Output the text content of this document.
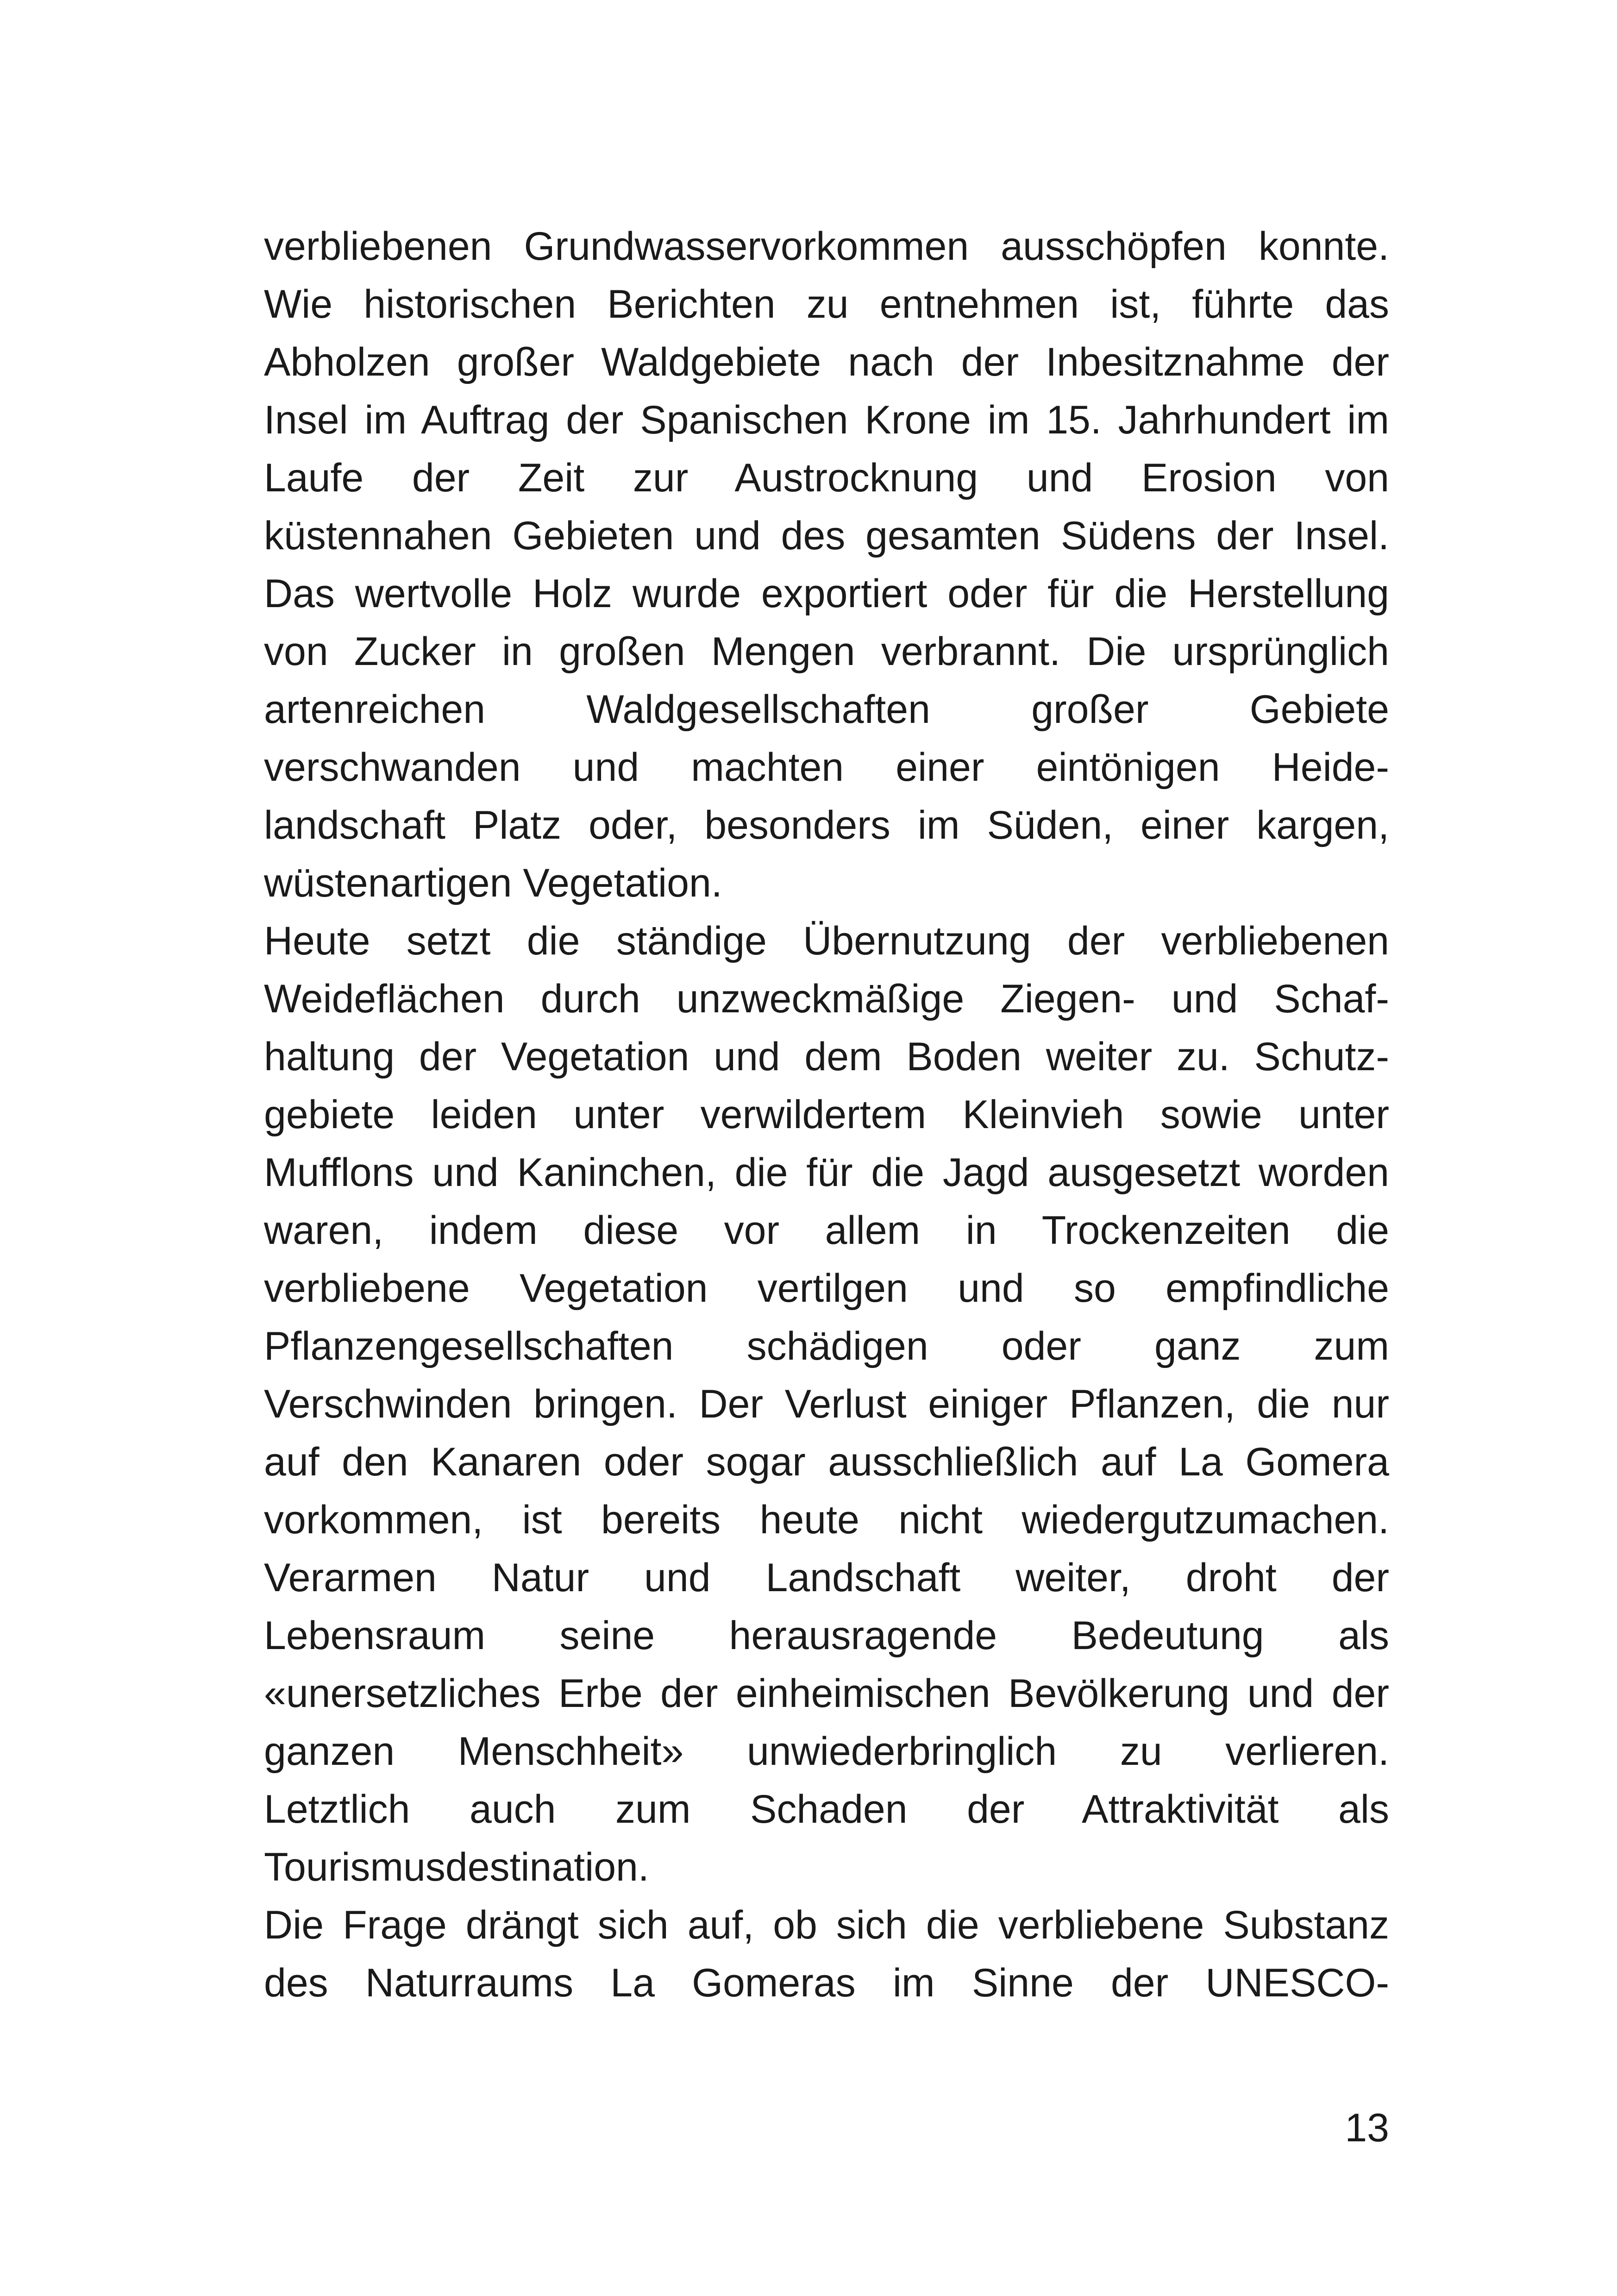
verbliebenen Grundwasservorkommen ausschöpfen konnte.
Wie historischen Berichten zu entnehmen ist, führte das
Abholzen großer Waldgebiete nach der Inbesitznahme der
Insel im Auftrag der Spanischen Krone im 15. Jahrhundert im
Laufe der Zeit zur Austrocknung und Erosion von
küstennahen Gebieten und des gesamten Südens der Insel.
Das wertvolle Holz wurde exportiert oder für die Herstellung
von Zucker in großen Mengen verbrannt. Die ursprünglich
artenreichen Waldgesellschaften großer Gebiete
verschwanden und machten einer eintönigen Heide-
landschaft Platz oder, besonders im Süden, einer kargen,
wüstenartigen Vegetation.

Heute setzt die ständige Übernutzung der verbliebenen
Weideflächen durch unzweckmäßige Ziegen- und Schaf-
haltung der Vegetation und dem Boden weiter zu. Schutz-
gebiete leiden unter verwildertem Kleinvieh sowie unter
Mufflons und Kaninchen, die für die Jagd ausgesetzt worden
waren, indem diese vor allem in Trockenzeiten die
verbliebene Vegetation vertilgen und so empfindliche
Pflanzengesellschaften schädigen oder ganz zum
Verschwinden bringen. Der Verlust einiger Pflanzen, die nur
auf den Kanaren oder sogar ausschließlich auf La Gomera
vorkommen, ist bereits heute nicht wiedergutzumachen.
Verarmen Natur und Landschaft weiter, droht der
Lebensraum seine herausragende Bedeutung als
«unersetzliches Erbe der einheimischen Bevölkerung und der
ganzen Menschheit» unwiederbringlich zu verlieren.
Letztlich auch zum Schaden der Attraktivität als
Tourismusdestination.

Die Frage drängt sich auf, ob sich die verbliebene Substanz
des Naturraums La Gomeras im Sinne der UNESCO-

13
